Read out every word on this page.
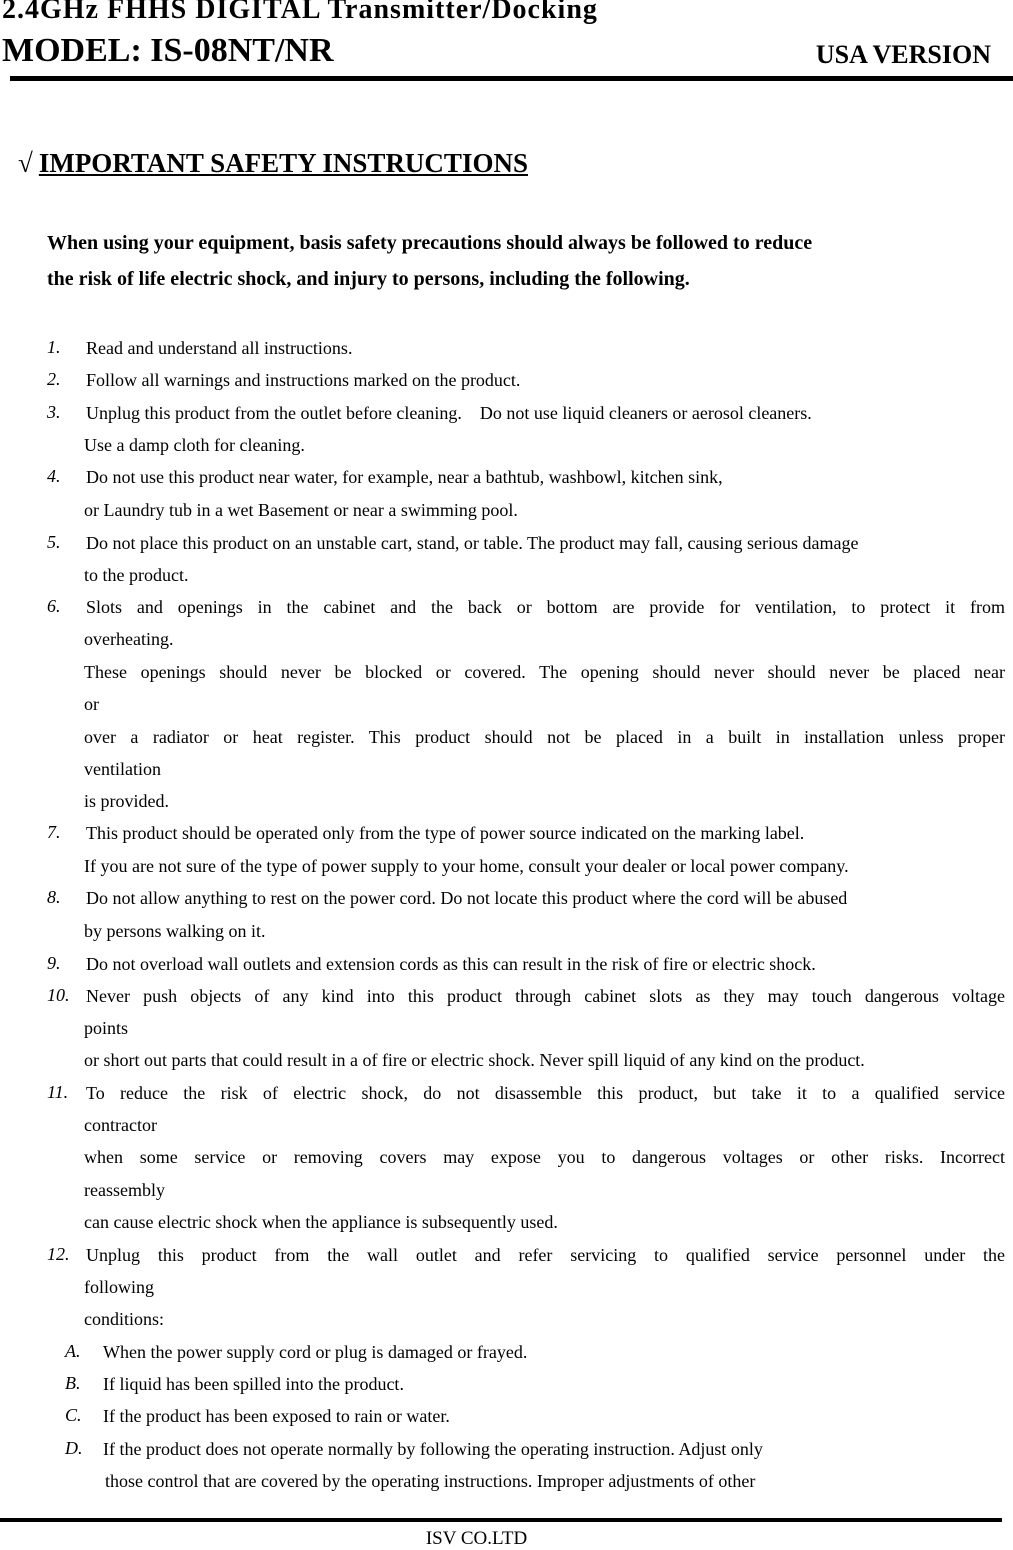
2.4GHz FHHS DIGITAL Transmitter/Docking
MODEL: IS-08NT/NR	USA VERSION
√ IMPORTANT SAFETY INSTRUCTIONS
When using your equipment, basis safety precautions should always be followed to reduce
the risk of life electric shock, and injury to persons, including the following.
1. Read and understand all instructions.
2. Follow all warnings and instructions marked on the product.
3. Unplug this product from the outlet before cleaning.    Do not use liquid cleaners or aerosol cleaners.
Use a damp cloth for cleaning.
4. Do not use this product near water, for example, near a bathtub, washbowl, kitchen sink,
or Laundry tub in a wet Basement or near a swimming pool.
5. Do not place this product on an unstable cart, stand, or table. The product may fall, causing serious damage
to the product.
6. Slots and openings in the cabinet and the back or bottom are provide for ventilation, to protect it from
overheating.
These openings should never be blocked or covered. The opening should never should never be placed near
or
over a radiator or heat register. This product should not be placed in a built in installation unless proper
ventilation
is provided.
7. This product should be operated only from the type of power source indicated on the marking label.
If you are not sure of the type of power supply to your home, consult your dealer or local power company.
8. Do not allow anything to rest on the power cord. Do not locate this product where the cord will be abused
by persons walking on it.
9. Do not overload wall outlets and extension cords as this can result in the risk of fire or electric shock.
10. Never push objects of any kind into this product through cabinet slots as they may touch dangerous voltage
points
or short out parts that could result in a of fire or electric shock. Never spill liquid of any kind on the product.
11. To reduce the risk of electric shock, do not disassemble this product, but take it to a qualified service
contractor
when some service or removing covers may expose you to dangerous voltages or other risks. Incorrect
reassembly
can cause electric shock when the appliance is subsequently used.
12. Unplug this product from the wall outlet and refer servicing to qualified service personnel under the
following
conditions:
A. When the power supply cord or plug is damaged or frayed.
B. If liquid has been spilled into the product.
C. If the product has been exposed to rain or water.
D. If the product does not operate normally by following the operating instruction. Adjust only
those control that are covered by the operating instructions. Improper adjustments of other
ISV CO.LTD
